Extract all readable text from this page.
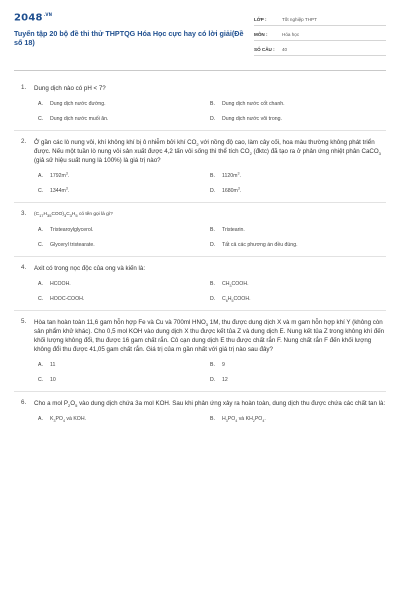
$2048^{.VN}$
Tuyển tập 20 bộ đề thi thử THPTQG Hóa Học cực hay có lời giải(Đề số 18)
LỚP :	Tốt nghiệp THPT
MÔN :	Hóa học
SỐ CÂU :	40
1. Dung dịch nào có pH < 7?
A.	Dung dịch nước đường.	B.	Dung dịch nước cốt chanh.
C.	Dung dịch nước muối ăn.	D.	Dung dịch nước vôi trong.
2. Ở gần các lò nung vôi, khí không khí bị ô nhiễm bởi khí $CO_2$ với nồng độ cao, làm cây cối, hoa màu thường không phát triển được. Nếu một tuần lò nung vôi sản xuất được 4,2 tấn vôi sống thì thể tích $CO_2$ (đktc) đã tạo ra ở phản ứng nhiệt phân CaCO$_3$ (giả sử hiệu suất nung là 100%) là giá trị nào?
A.	$1792m^3$.	B.	$1120m^3$.
C.	$1344m^3$.	D.	$1680m^3$.
3. $(C_{17}H_{35}COO)_3C_3H_5$ có tên gọi là gì?
A.	Tristearoylglycerol.	B.	Tristearin.
C.	Glyceryl tristearate.	D.	Tất cả các phương án đều đúng.
4. Axit có trong nọc độc của ong và kiến là:
A.	HCOOH.	B.	$CH_3COOH$.
C.	HOOC-COOH.	D.	$C_6H_5COOH$.
5. Hòa tan hoàn toàn 11,6 gam hỗn hợp Fe và Cu và 700ml $HNO_3$ 1M, thu được dung dịch X và m gam hỗn hợp khí Y (không còn sản phẩm khử khác). Cho 0,5 mol KOH vào dung dịch X thu được kết tủa Z và dung dịch E. Nung kết tủa Z trong không khí đến khối lượng không đổi, thu được 16 gam chất rắn. Cô cạn dung dịch E thu được chất rắn F. Nung chất rắn F đến khối lượng không đổi thu được 41,05 gam chất rắn. Giá trị của m gần nhất với giá trị nào sau đây?
A.	11	B.	9
C.	10	D.	12
6. Cho a mol $P_2O_5$ vào dung dịch chứa 3a mol KOH. Sau khi phản ứng xảy ra hoàn toàn, dung dịch thu được chứa các chất tan là:
A.	$K_3PO_4$ và KOH.	B.	$H_3PO_4$ và $KH_2PO_4$.
